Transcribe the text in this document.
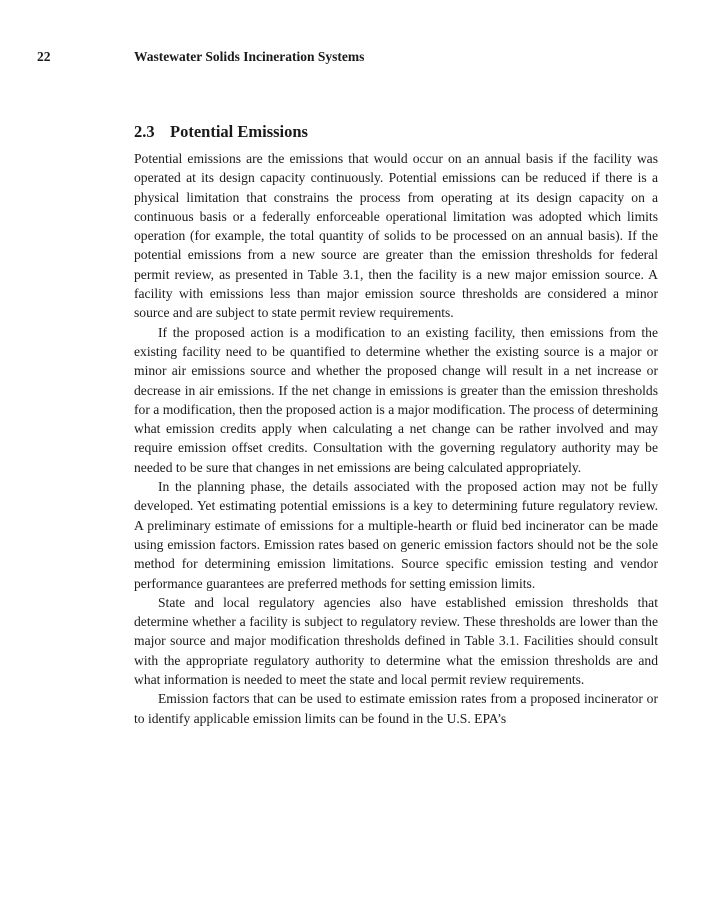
22	Wastewater Solids Incineration Systems
2.3 Potential Emissions

Potential emissions are the emissions that would occur on an annual basis if the facility was operated at its design capacity continuously. Potential emissions can be reduced if there is a physical limitation that constrains the process from operating at its design capacity on a continuous basis or a federally enforceable operational limitation was adopted which limits operation (for example, the total quantity of solids to be processed on an annual basis). If the potential emissions from a new source are greater than the emission thresholds for federal permit review, as presented in Table 3.1, then the facility is a new major emission source. A facility with emissions less than major emission source thresholds are considered a minor source and are subject to state permit review requirements.

If the proposed action is a modification to an existing facility, then emissions from the existing facility need to be quantified to determine whether the existing source is a major or minor air emissions source and whether the proposed change will result in a net increase or decrease in air emissions. If the net change in emissions is greater than the emission thresholds for a modification, then the proposed action is a major modification. The process of determining what emission credits apply when calculating a net change can be rather involved and may require emission offset credits. Consultation with the governing regulatory authority may be needed to be sure that changes in net emissions are being calculated appropriately.

In the planning phase, the details associated with the proposed action may not be fully developed. Yet estimating potential emissions is a key to determining future regulatory review. A preliminary estimate of emissions for a multiple-hearth or fluid bed incinerator can be made using emission factors. Emission rates based on generic emission factors should not be the sole method for determining emission limitations. Source specific emission testing and vendor performance guarantees are preferred methods for setting emission limits.

State and local regulatory agencies also have established emission thresholds that determine whether a facility is subject to regulatory review. These thresholds are lower than the major source and major modification thresholds defined in Table 3.1. Facilities should consult with the appropriate regulatory authority to determine what the emission thresholds are and what information is needed to meet the state and local permit review requirements.

Emission factors that can be used to estimate emission rates from a proposed incinerator or to identify applicable emission limits can be found in the U.S. EPA’s
